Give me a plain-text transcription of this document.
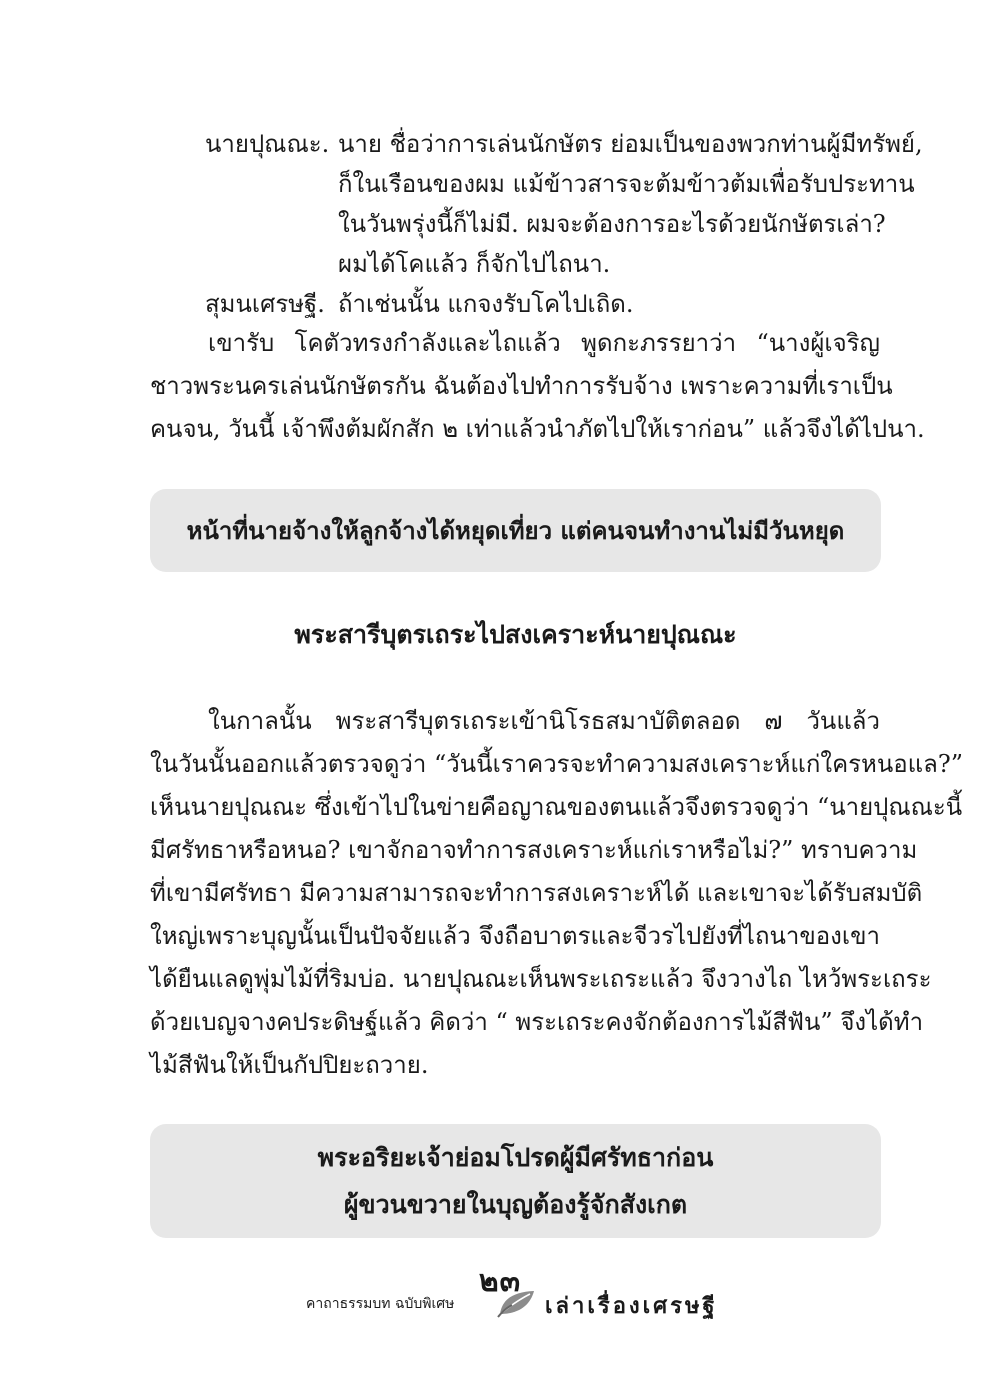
นายปุณณะ. นาย ชื่อว่าการเล่นนักษัตร ย่อมเป็นของพวกท่านผู้มีทรัพย์,
ก็ในเรือนของผม แม้ข้าวสารจะต้มข้าวต้มเพื่อรับประทาน
ในวันพรุ่งนี้ก็ไม่มี. ผมจะต้องการอะไรด้วยนักษัตรเล่า?
ผมได้โคแล้ว ก็จักไปไถนา.
สุมนเศรษฐี. ถ้าเช่นนั้น แกจงรับโคไปเถิด.
เขารับ โคตัวทรงกำลังและไถแล้ว พูดกะภรรยาว่า “นางผู้เจริญ
ชาวพระนครเล่นนักษัตรกัน ฉันต้องไปทำการรับจ้าง เพราะความที่เราเป็น
คนจน, วันนี้ เจ้าพึงต้มผักสัก ๒ เท่าแล้วนำภัตไปให้เราก่อน” แล้วจึงได้ไปนา.
หน้าที่นายจ้างให้ลูกจ้างได้หยุดเที่ยว แต่คนจนทำงานไม่มีวันหยุด
พระสารีบุตรเถระไปสงเคราะห์นายปุณณะ
ในกาลนั้น พระสารีบุตรเถระเข้านิโรธสมาบัติตลอด ๗ วันแล้ว
ในวันนั้นออกแล้วตรวจดูว่า “วันนี้เราควรจะทำความสงเคราะห์แก่ใครหนอแล?”
เห็นนายปุณณะ ซึ่งเข้าไปในข่ายคือญาณของตนแล้วจึงตรวจดูว่า “นายปุณณะนี้
มีศรัทธาหรือหนอ? เขาจักอาจทำการสงเคราะห์แก่เราหรือไม่?” ทราบความ
ที่เขามีศรัทธา มีความสามารถจะทำการสงเคราะห์ได้ และเขาจะได้รับสมบัติ
ใหญ่เพราะบุญนั้นเป็นปัจจัยแล้ว จึงถือบาตรและจีวรไปยังที่ไถนาของเขา
ได้ยืนแลดูพุ่มไม้ที่ริมบ่อ. นายปุณณะเห็นพระเถระแล้ว จึงวางไถ ไหว้พระเถระ
ด้วยเบญจางคประดิษฐ์แล้ว คิดว่า “ พระเถระคงจักต้องการไม้สีฟัน” จึงได้ทำ
ไม้สีฟันให้เป็นกัปปิยะถวาย.
พระอริยะเจ้าย่อมโปรดผู้มีศรัทธาก่อน
ผู้ขวนขวายในบุญต้องรู้จักสังเกต
๒๓
คาถาธรรมบท ฉบับพิเศษ	เล่าเรื่องเศรษฐี
